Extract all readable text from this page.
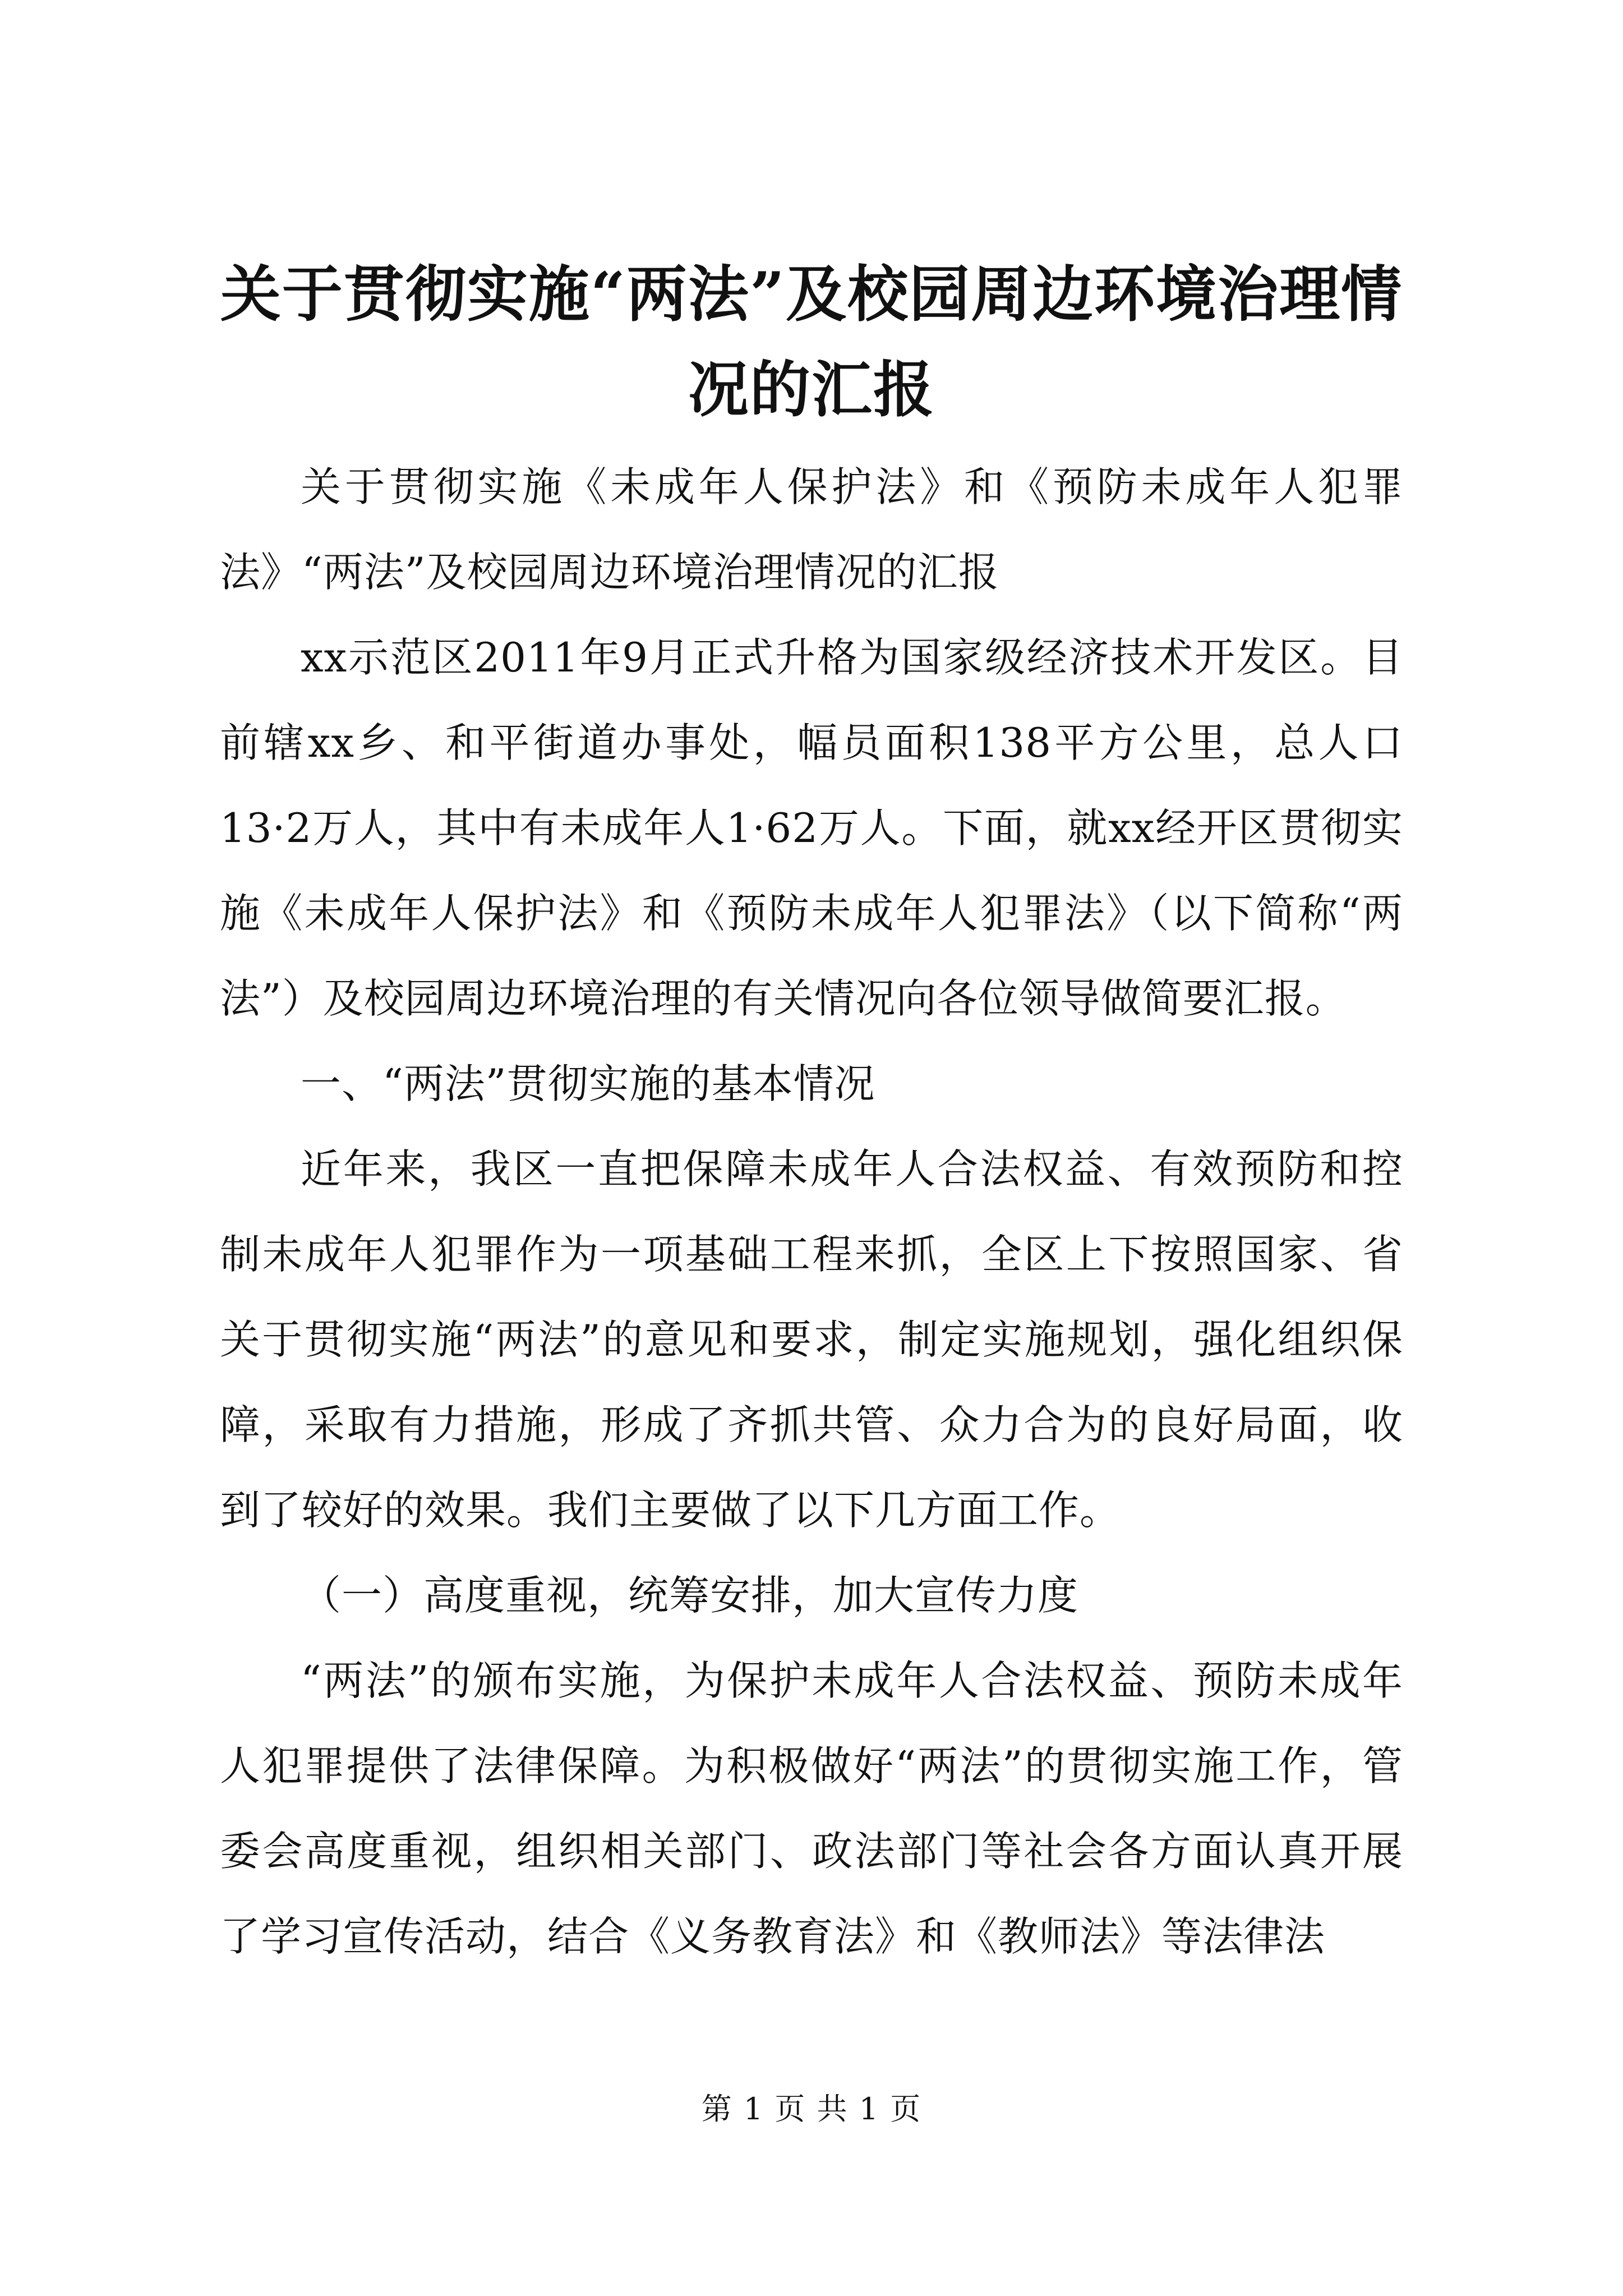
关于贯彻实施“两法”及校园周边环境治理情况的汇报

关于贯彻实施《未成年人保护法》和《预防未成年人犯罪法》“两法”及校园周边环境治理情况的汇报

xx示范区2011年9月正式升格为国家级经济技术开发区。目前辖xx乡、和平街道办事处，幅员面积138平方公里，总人口13·2万人，其中有未成年人1·62万人。下面，就xx经开区贯彻实施《未成年人保护法》和《预防未成年人犯罪法》（以下简称“两法”）及校园周边环境治理的有关情况向各位领导做简要汇报。

一、“两法”贯彻实施的基本情况

近年来，我区一直把保障未成年人合法权益、有效预防和控制未成年人犯罪作为一项基础工程来抓，全区上下按照国家、省关于贯彻实施“两法”的意见和要求，制定实施规划，强化组织保障，采取有力措施，形成了齐抓共管、众力合为的良好局面，收到了较好的效果。我们主要做了以下几方面工作。

（一）高度重视，统筹安排，加大宣传力度

“两法”的颁布实施，为保护未成年人合法权益、预防未成年人犯罪提供了法律保障。为积极做好“两法”的贯彻实施工作，管委会高度重视，组织相关部门、政法部门等社会各方面认真开展了学习宣传活动，结合《义务教育法》和《教师法》等法律法

第 1 页 共 1 页
